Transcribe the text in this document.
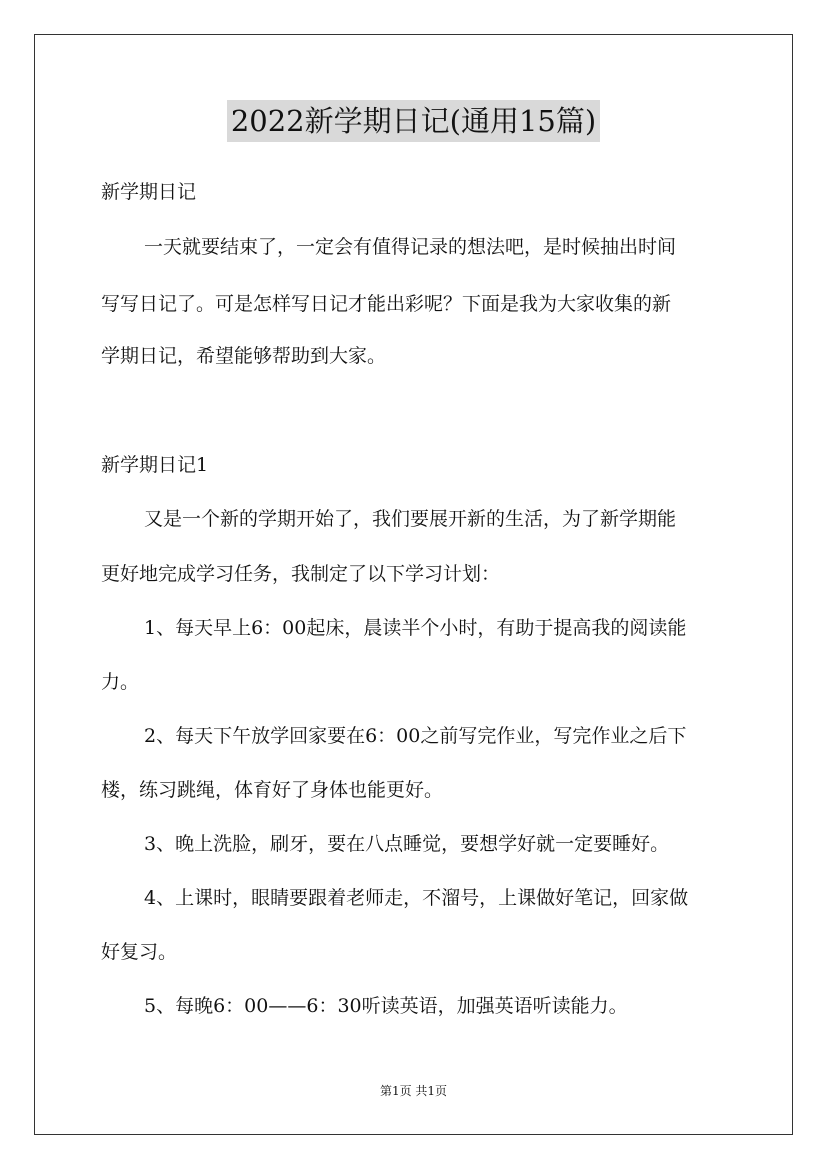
2022新学期日记(通用15篇)
新学期日记
一天就要结束了，一定会有值得记录的想法吧，是时候抽出时间
写写日记了。可是怎样写日记才能出彩呢？下面是我为大家收集的新
学期日记，希望能够帮助到大家。
新学期日记1
又是一个新的学期开始了，我们要展开新的生活，为了新学期能
更好地完成学习任务，我制定了以下学习计划：
1、每天早上6：00起床，晨读半个小时，有助于提高我的阅读能
力。
2、每天下午放学回家要在6：00之前写完作业，写完作业之后下
楼，练习跳绳，体育好了身体也能更好。
3、晚上洗脸，刷牙，要在八点睡觉，要想学好就一定要睡好。
4、上课时，眼睛要跟着老师走，不溜号，上课做好笔记，回家做
好复习。
5、每晚6：00——6：30听读英语，加强英语听读能力。
第1页 共1页
